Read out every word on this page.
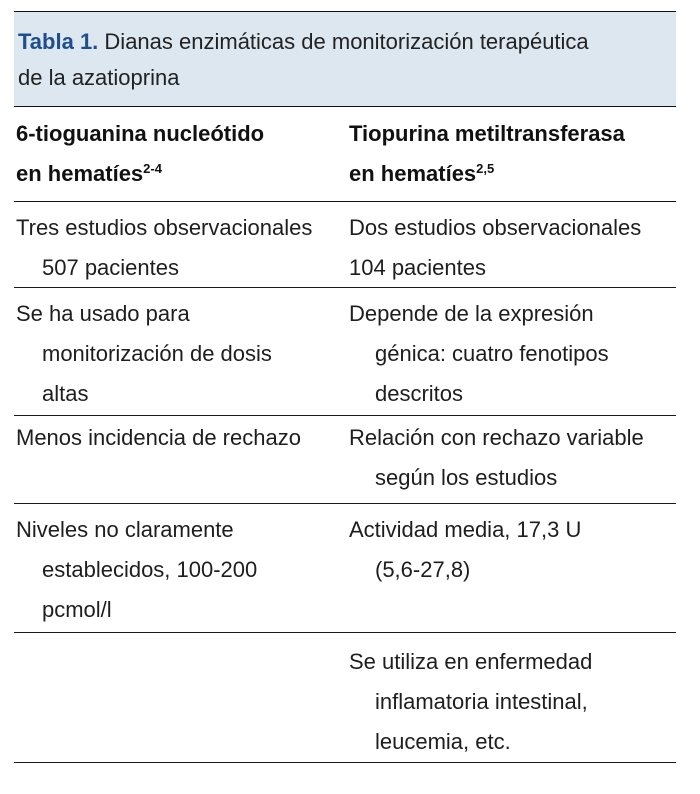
Tabla 1. Dianas enzimáticas de monitorización terapéutica
de la azatioprina
6-tioguanina nucleótido
en hematíes$^{2-4}$
Tiopurina metiltransferasa
en hematíes$^{2,5}$
Tres estudios observacionales
507 pacientes
Dos estudios observacionales
104 pacientes
Se ha usado para
monitorización de dosis
altas
Depende de la expresión
génica: cuatro fenotipos
descritos
Menos incidencia de rechazo	Relación con rechazo variable
según los estudios
Niveles no claramente
establecidos, 100-200
pcmol/l
Actividad media, 17,3 U
(5,6-27,8)
Se utiliza en enfermedad
inflamatoria intestinal,
leucemia, etc.
